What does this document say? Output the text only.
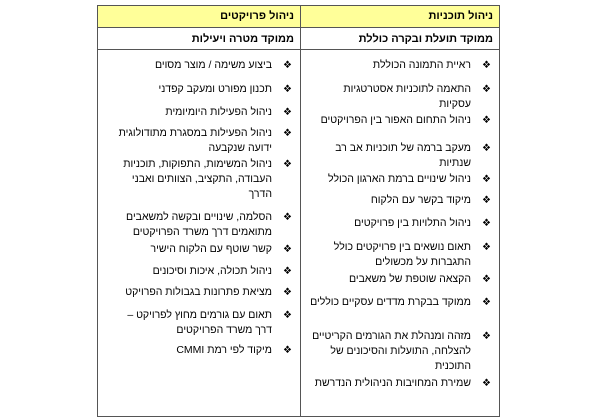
ניהול תוכניות
ממוקד תועלת ובקרה כוללת
❖
ראיית התמונה הכוללת
❖
התאמה לתוכניות אסטרטגיות עסקיות
❖
ניהול התחום האפור בין הפרויקטים
❖
מעקב ברמה של תוכניות אב רב שנתיות
❖
ניהול שינויים ברמת הארגון הכולל
❖
מיקוד בקשר עם הלקוח
❖
ניהול התלויות בין פרויקטים
❖
תאום נושאים בין פרויקטים כולל התגברות על מכשולים
❖
הקצאה שוטפת של משאבים
❖
ממוקד בבקרת מדדים עסקיים כוללים
❖
מזהה ומנהלת את הגורמים הקריטיים להצלחה, התועלות והסיכונים של התוכנית
❖
שמירת המחויבות הניהולית הנדרשת
ניהול פרויקטים
ממוקד מטרה ויעילות
❖
ביצוע משימה / מוצר מסוים
❖
תכנון מפורט ומעקב קפדני
❖
ניהול הפעילות היומיומית
❖
ניהול הפעילות במסגרת מתודולוגית ידועה שנקבעה
❖
ניהול המשימות, התפוקות, תוכניות העבודה, התקציב, הצוותים ואבני הדרך
❖
הסלמה, שינויים ובקשה למשאבים מתואמים דרך משרד הפרויקטים
❖
קשר שוטף עם הלקוח הישיר
❖
ניהול תכולה, איכות וסיכונים
❖
מציאת פתרונות בגבולות הפרויקט
❖
תאום עם גורמים מחוץ לפרויקט – דרך משרד הפרויקטים
❖
מיקוד לפי רמת CMMI
